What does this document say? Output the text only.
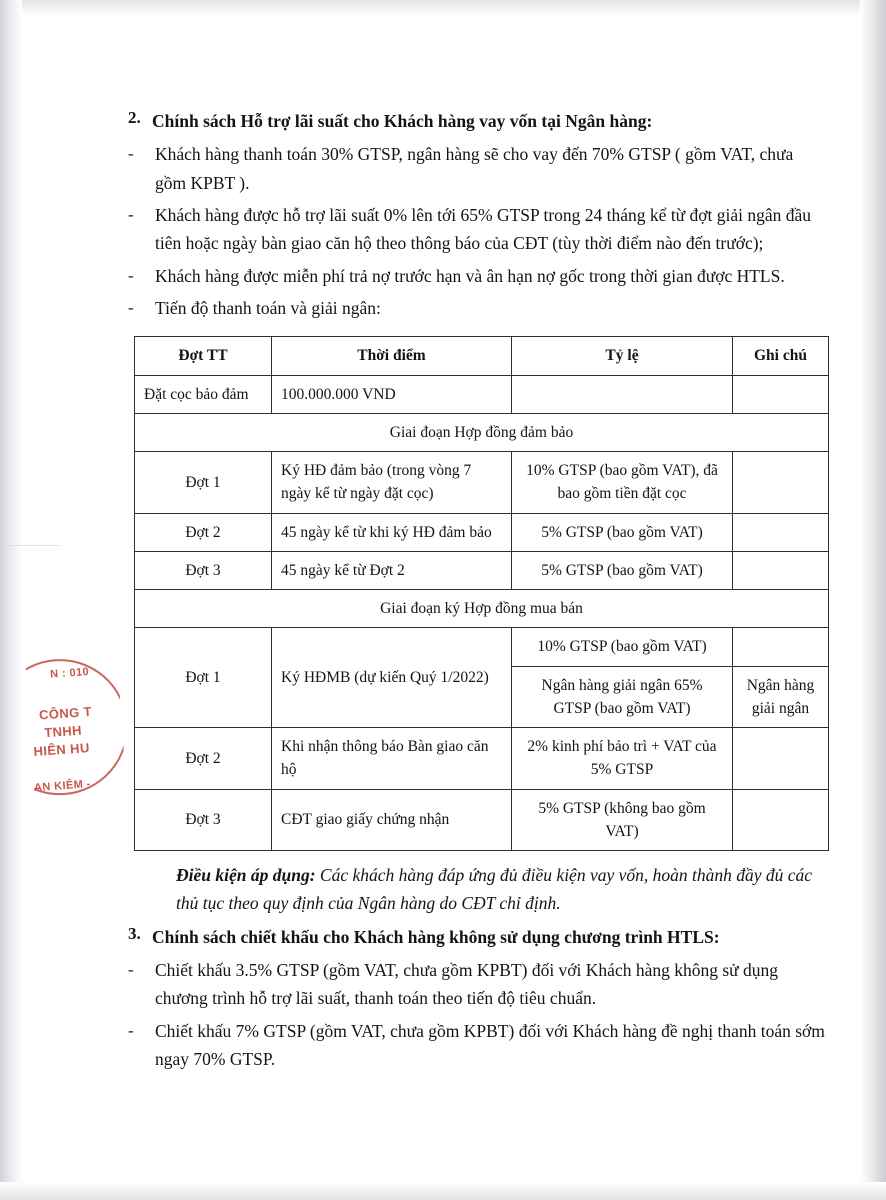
N : 010
CÔNG T
TNHH
HIÊN HU
AN KIÊM -
2. Chính sách Hỗ trợ lãi suất cho Khách hàng vay vốn tại Ngân hàng:
-	Khách hàng thanh toán 30% GTSP, ngân hàng sẽ cho vay đến 70% GTSP ( gồm VAT, chưa gồm KPBT ).
-	Khách hàng được hỗ trợ lãi suất 0% lên tới 65% GTSP trong 24 tháng kể từ đợt giải ngân đầu tiên hoặc ngày bàn giao căn hộ theo thông báo của CĐT (tùy thời điểm nào đến trước);
-	Khách hàng được miễn phí trả nợ trước hạn và ân hạn nợ gốc trong thời gian được HTLS.
-	Tiến độ thanh toán và giải ngân:
Đợt TT	Thời điểm	Tỷ lệ	Ghi chú
Đặt cọc bảo đảm	100.000.000 VND		
Giai đoạn Hợp đồng đảm bảo			
Đợt 1	Ký HĐ đảm bảo (trong vòng 7 ngày kể từ ngày đặt cọc)	10% GTSP (bao gồm VAT), đã bao gồm tiền đặt cọc	
Đợt 2	45 ngày kể từ khi ký HĐ đảm bảo	5% GTSP (bao gồm VAT)	
Đợt 3	45 ngày kể từ Đợt 2	5% GTSP (bao gồm VAT)	
Giai đoạn ký Hợp đồng mua bán			
Đợt 1	Ký HĐMB (dự kiến Quý 1/2022)	10% GTSP (bao gồm VAT)	
		Ngân hàng giải ngân 65% GTSP (bao gồm VAT)	Ngân hàng giải ngân
Đợt 2	Khi nhận thông báo Bàn giao căn hộ	2% kinh phí bảo trì + VAT của 5% GTSP	
Đợt 3	CĐT giao giấy chứng nhận	5% GTSP (không bao gồm VAT)	
Điều kiện áp dụng: Các khách hàng đáp ứng đủ điều kiện vay vốn, hoàn thành đầy đủ các thủ tục theo quy định của Ngân hàng do CĐT chỉ định.
3. Chính sách chiết khấu cho Khách hàng không sử dụng chương trình HTLS:
-	Chiết khấu 3.5% GTSP (gồm VAT, chưa gồm KPBT) đối với Khách hàng không sử dụng chương trình hỗ trợ lãi suất, thanh toán theo tiến độ tiêu chuẩn.
-	Chiết khấu 7% GTSP (gồm VAT, chưa gồm KPBT) đối với Khách hàng đề nghị thanh toán sớm ngay 70% GTSP.
